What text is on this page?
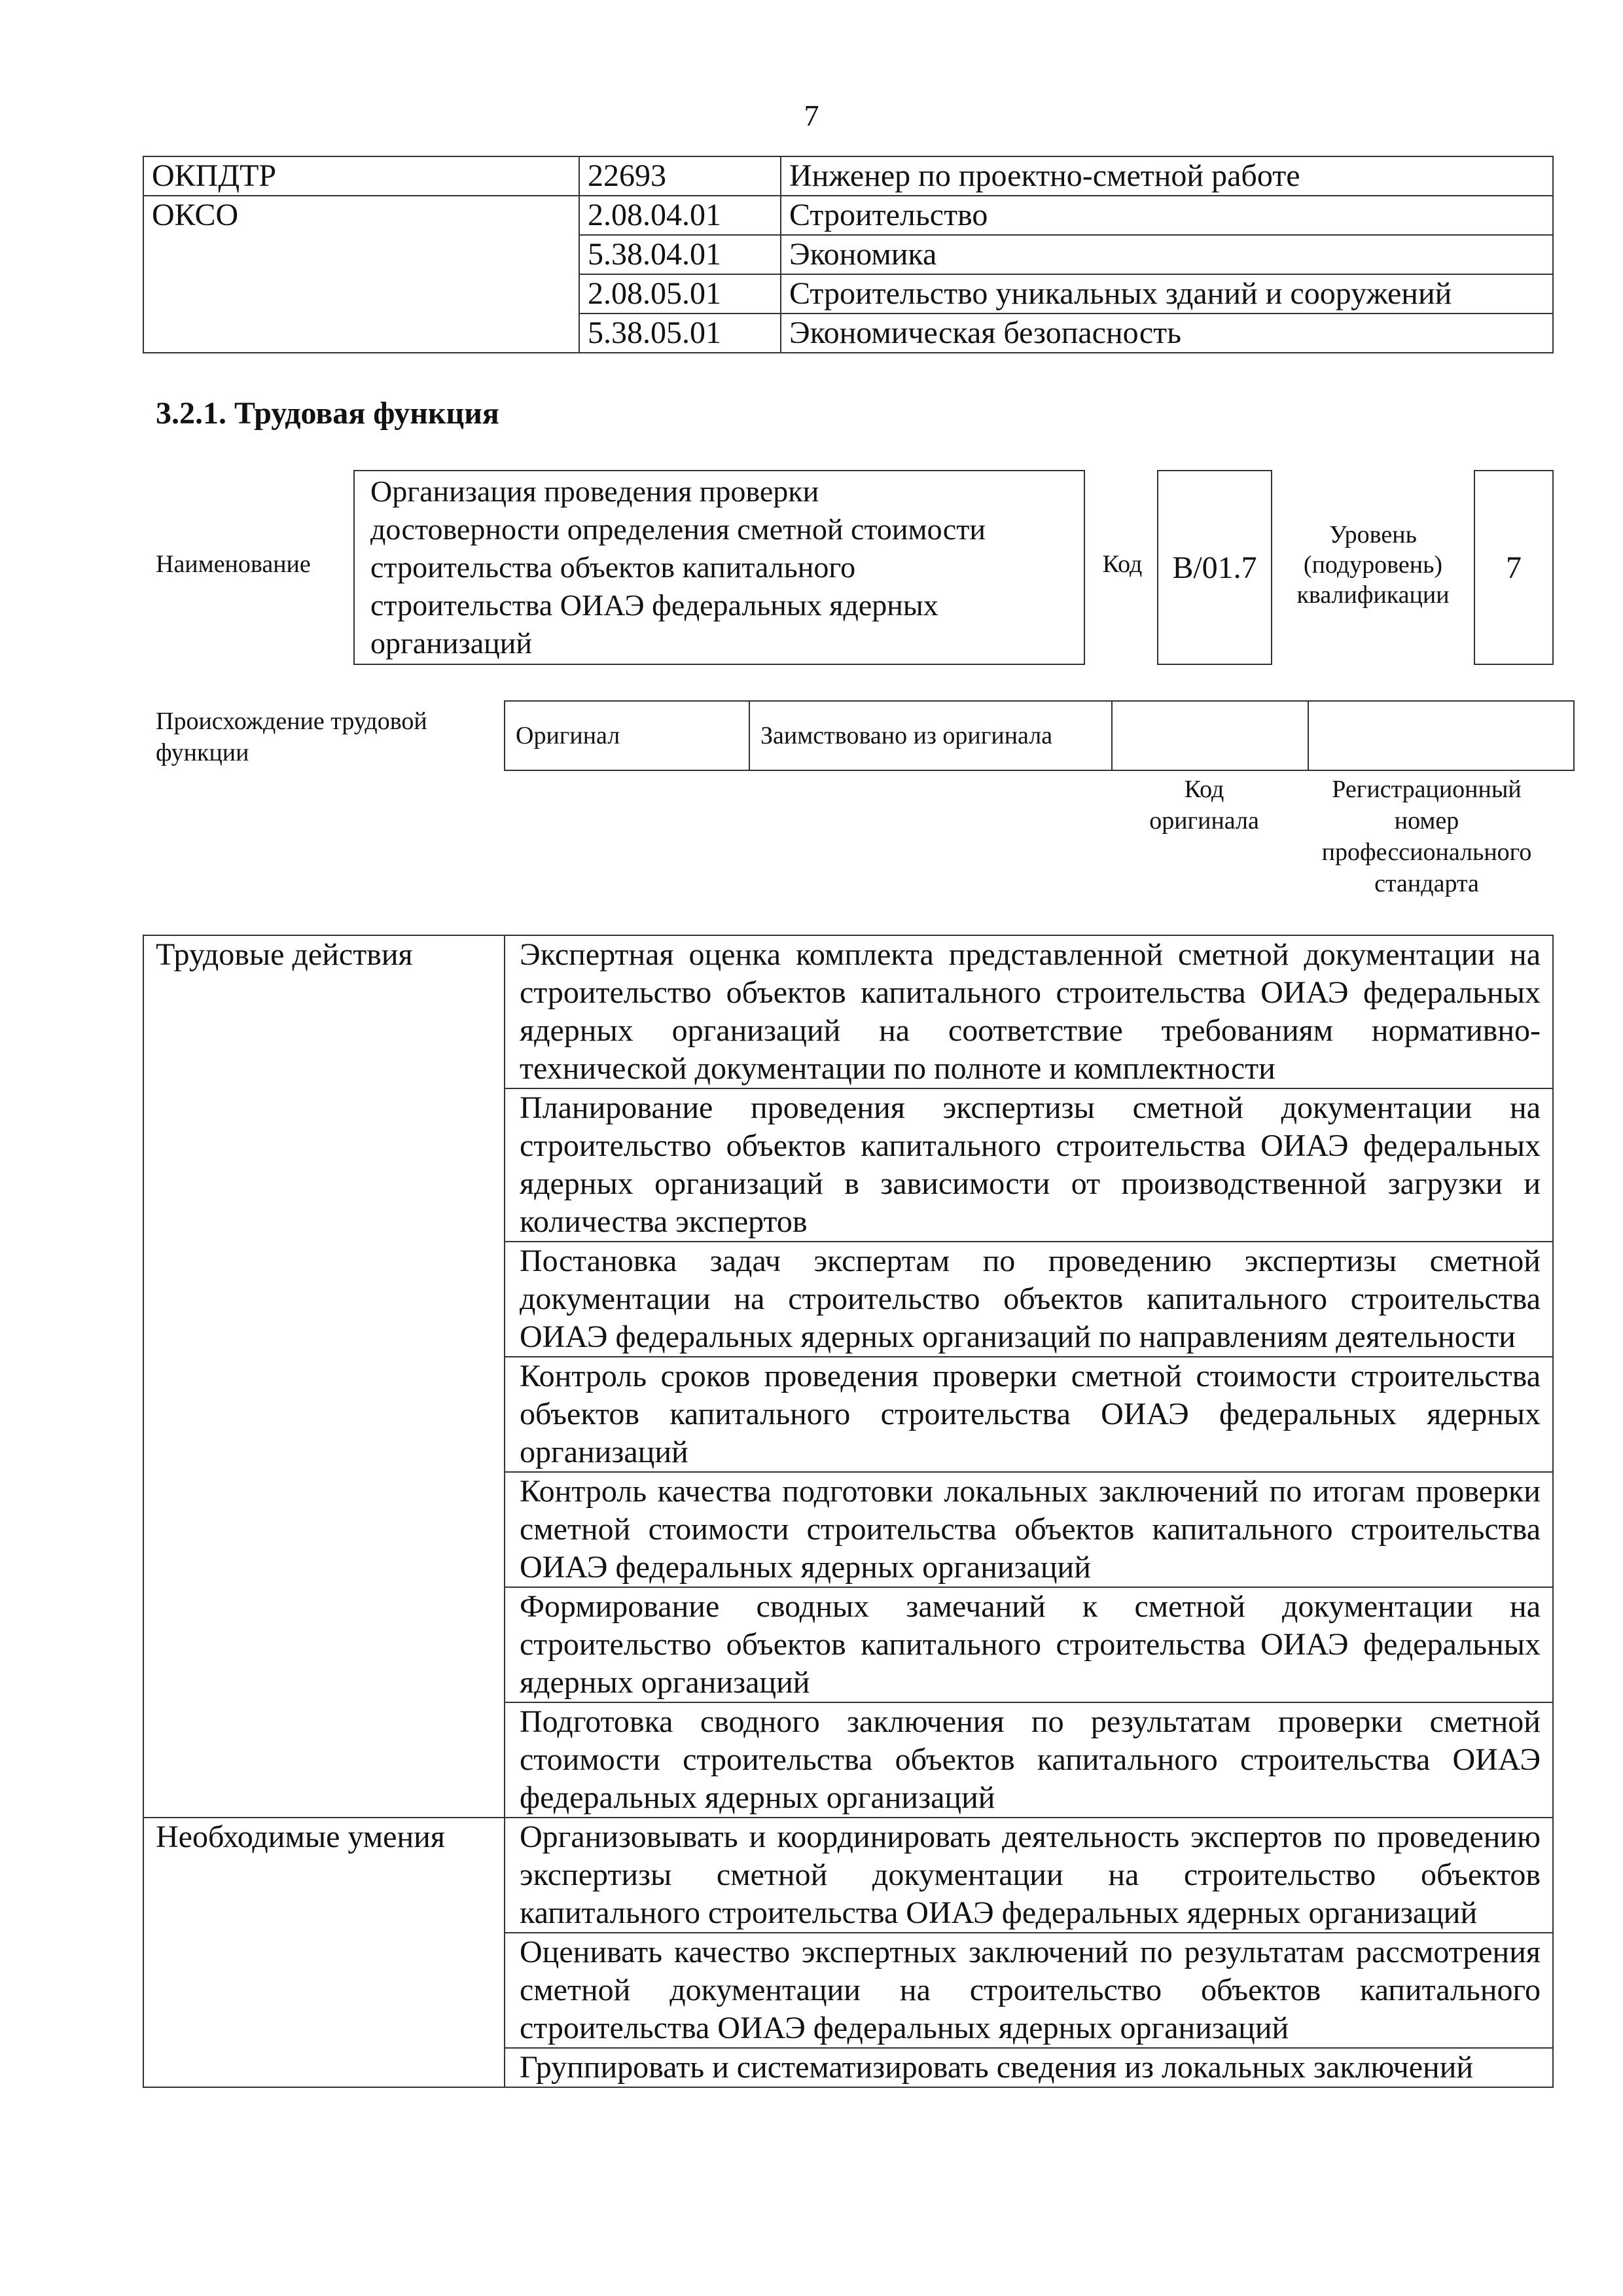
7
ОКПДТР	22693	Инженер по проектно-сметной работе
ОКСО	2.08.04.01	Строительство
	5.38.04.01	Экономика
	2.08.05.01	Строительство уникальных зданий и сооружений
	5.38.05.01	Экономическая безопасность
3.2.1. Трудовая функция
Наименование
Организация проведения проверки
достоверности определения сметной стоимости
строительства объектов капитального
строительства ОИАЭ федеральных ядерных
организаций
Код B/01.7
Уровень
(подуровень)
квалификации
7
Происхождение трудовой
функции
Оригинал	Заимствовано из оригинала		
Код
оригинала
Регистрационный
номер
профессионального
стандарта
Трудовые действия	Экспертная оценка комплекта представленной сметной документации на строительство объектов капитального строительства ОИАЭ федеральных ядерных организаций на соответствие требованиям нормативно-технической документации по полноте и комплектности
	Планирование проведения экспертизы сметной документации на строительство объектов капитального строительства ОИАЭ федеральных ядерных организаций в зависимости от производственной загрузки и количества экспертов
	Постановка задач экспертам по проведению экспертизы сметной документации на строительство объектов капитального строительства ОИАЭ федеральных ядерных организаций по направлениям деятельности
	Контроль сроков проведения проверки сметной стоимости строительства объектов капитального строительства ОИАЭ федеральных ядерных организаций
	Контроль качества подготовки локальных заключений по итогам проверки сметной стоимости строительства объектов капитального строительства ОИАЭ федеральных ядерных организаций
	Формирование сводных замечаний к сметной документации на строительство объектов капитального строительства ОИАЭ федеральных ядерных организаций
	Подготовка сводного заключения по результатам проверки сметной стоимости строительства объектов капитального строительства ОИАЭ федеральных ядерных организаций
Необходимые умения	Организовывать и координировать деятельность экспертов по проведению экспертизы сметной документации на строительство объектов капитального строительства ОИАЭ федеральных ядерных организаций
	Оценивать качество экспертных заключений по результатам рассмотрения сметной документации на строительство объектов капитального строительства ОИАЭ федеральных ядерных организаций
	Группировать и систематизировать сведения из локальных заключений
